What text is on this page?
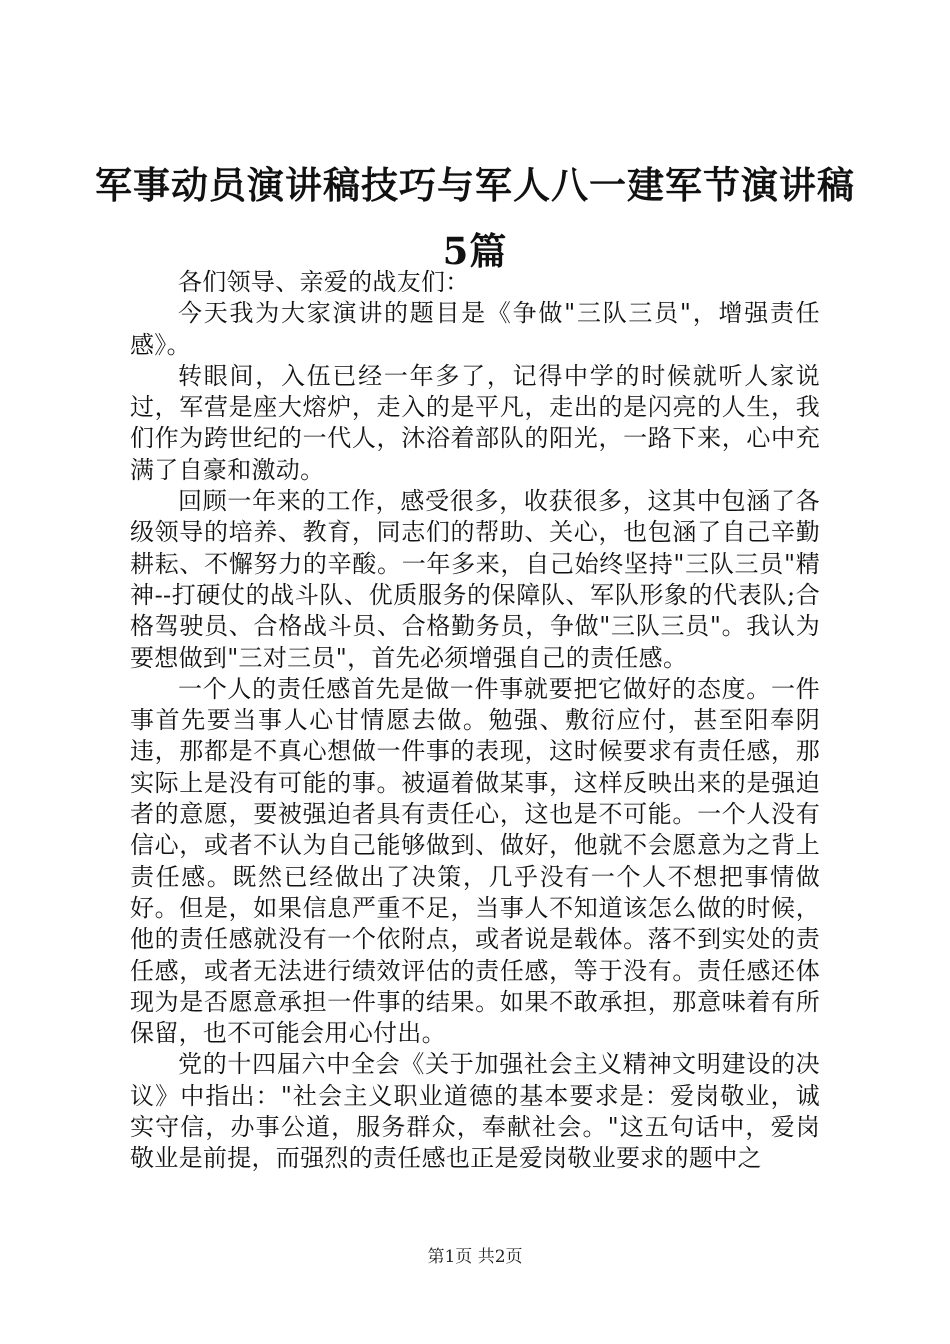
军事动员演讲稿技巧与军人八一建军节演讲稿
5篇

各们领导、亲爱的战友们：

今天我为大家演讲的题目是《争做"三队三员"，增强责任感》。

转眼间，入伍已经一年多了，记得中学的时候就听人家说过，军营是座大熔炉，走入的是平凡，走出的是闪亮的人生，我们作为跨世纪的一代人，沐浴着部队的阳光，一路下来，心中充满了自豪和激动。

回顾一年来的工作，感受很多，收获很多，这其中包涵了各级领导的培养、教育，同志们的帮助、关心，也包涵了自己辛勤耕耘、不懈努力的辛酸。一年多来，自己始终坚持"三队三员"精神--打硬仗的战斗队、优质服务的保障队、军队形象的代表队;合格驾驶员、合格战斗员、合格勤务员，争做"三队三员"。我认为要想做到"三对三员"，首先必须增强自己的责任感。

一个人的责任感首先是做一件事就要把它做好的态度。一件事首先要当事人心甘情愿去做。勉强、敷衍应付，甚至阳奉阴违，那都是不真心想做一件事的表现，这时候要求有责任感，那实际上是没有可能的事。被逼着做某事，这样反映出来的是强迫者的意愿，要被强迫者具有责任心，这也是不可能。一个人没有信心，或者不认为自己能够做到、做好，他就不会愿意为之背上责任感。既然已经做出了决策，几乎没有一个人不想把事情做好。但是，如果信息严重不足，当事人不知道该怎么做的时候，他的责任感就没有一个依附点，或者说是载体。落不到实处的责任感，或者无法进行绩效评估的责任感，等于没有。责任感还体现为是否愿意承担一件事的结果。如果不敢承担，那意味着有所保留，也不可能会用心付出。

党的十四届六中全会《关于加强社会主义精神文明建设的决议》中指出："社会主义职业道德的基本要求是：爱岗敬业，诚实守信，办事公道，服务群众，奉献社会。"这五句话中，爱岗敬业是前提，而强烈的责任感也正是爱岗敬业要求的题中之

第1页 共2页
